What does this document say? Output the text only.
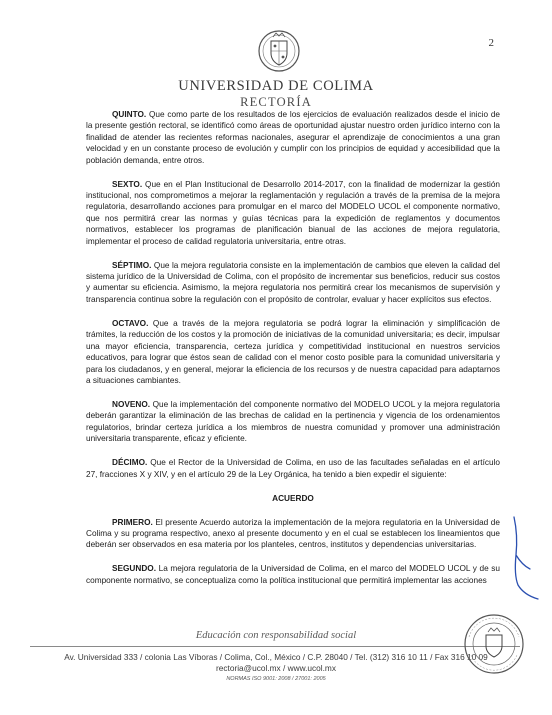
2
UNIVERSIDAD DE COLIMA
RECTORÍA

QUINTO. Que como parte de los resultados de los ejercicios de evaluación realizados desde el inicio de la presente gestión rectoral, se identificó como áreas de oportunidad ajustar nuestro orden jurídico interno con la finalidad de atender las recientes reformas nacionales, asegurar el aprendizaje de conocimientos a una gran velocidad y en un constante proceso de evolución y cumplir con los principios de equidad y accesibilidad que la población demanda, entre otros.

SEXTO. Que en el Plan Institucional de Desarrollo 2014-2017, con la finalidad de modernizar la gestión institucional, nos comprometimos a mejorar la reglamentación y regulación a través de la premisa de la mejora regulatoria, desarrollando acciones para promulgar en el marco del MODELO UCOL el componente normativo, que nos permitirá crear las normas y guías técnicas para la expedición de reglamentos y documentos normativos, establecer los programas de planificación bianual de las acciones de mejora regulatoria, implementar el proceso de calidad regulatoria universitaria, entre otras.

SÉPTIMO. Que la mejora regulatoria consiste en la implementación de cambios que eleven la calidad del sistema jurídico de la Universidad de Colima, con el propósito de incrementar sus beneficios, reducir sus costos y aumentar su eficiencia. Asimismo, la mejora regulatoria nos permitirá crear los mecanismos de supervisión y transparencia continua sobre la regulación con el propósito de controlar, evaluar y hacer explícitos sus efectos.

OCTAVO. Que a través de la mejora regulatoria se podrá lograr la eliminación y simplificación de trámites, la reducción de los costos y la promoción de iniciativas de la comunidad universitaria; es decir, impulsar una mayor eficiencia, transparencia, certeza jurídica y competitividad institucional en nuestros servicios educativos, para lograr que éstos sean de calidad con el menor costo posible para la comunidad universitaria y para los ciudadanos, y en general, mejorar la eficiencia de los recursos y de nuestra capacidad para adaptarnos a situaciones cambiantes.

NOVENO. Que la implementación del componente normativo del MODELO UCOL y la mejora regulatoria deberán garantizar la eliminación de las brechas de calidad en la pertinencia y vigencia de los ordenamientos regulatorios, brindar certeza jurídica a los miembros de nuestra comunidad y promover una administración universitaria transparente, eficaz y eficiente.

DÉCIMO. Que el Rector de la Universidad de Colima, en uso de las facultades señaladas en el artículo 27, fracciones X y XIV, y en el artículo 29 de la Ley Orgánica, ha tenido a bien expedir el siguiente:

ACUERDO

PRIMERO. El presente Acuerdo autoriza la implementación de la mejora regulatoria en la Universidad de Colima y su programa respectivo, anexo al presente documento y en el cual se establecen los lineamientos que deberán ser observados en esa materia por los planteles, centros, institutos y dependencias universitarias.

SEGUNDO. La mejora regulatoria de la Universidad de Colima, en el marco del MODELO UCOL y de su componente normativo, se conceptualiza como la política institucional que permitirá implementar las acciones

Educación con responsabilidad social
Av. Universidad 333 / colonia Las Víboras / Colima, Col., México / C.P. 28040 / Tel. (312) 316 10 11 / Fax 316 10 09
rectoria@ucol.mx / www.ucol.mx
NORMAS ISO 9001: 2008 / 27001: 2005
